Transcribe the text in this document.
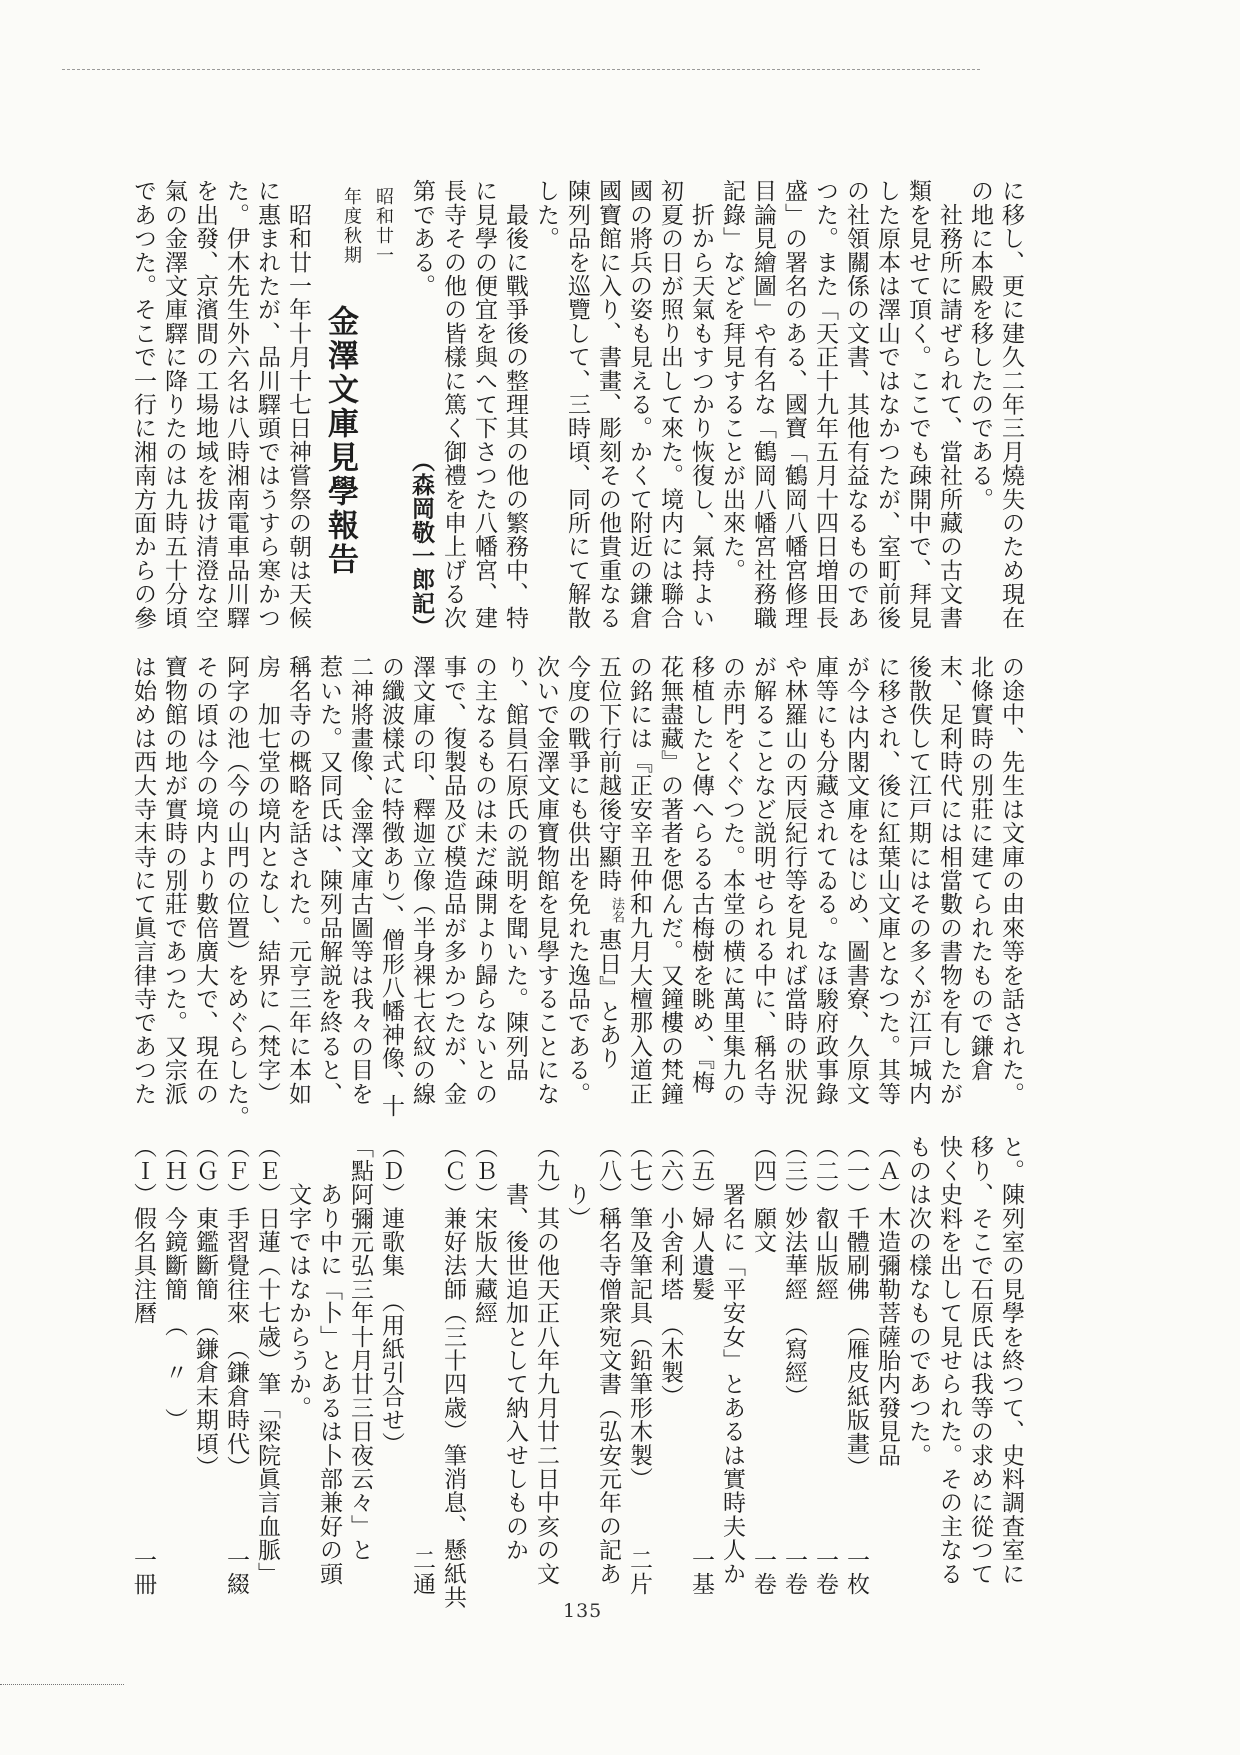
に移し、更に建久二年三月燒失のため現在
の地に本殿を移したのである。
　社務所に請ぜられて、當社所藏の古文書
類を見せて頂く。ここでも疎開中で、拜見
した原本は澤山ではなかつたが、室町前後
の社領關係の文書、其他有益なるものであ
つた。また「天正十九年五月十四日増田長
盛」の署名のある、國寶「鶴岡八幡宮修理
目論見繪圖」や有名な「鶴岡八幡宮社務職
記錄」などを拜見することが出來た。
　折から天氣もすつかり恢復し、氣持よい
初夏の日が照り出して來た。境内には聯合
國の將兵の姿も見える。かくて附近の鎌倉
國寶館に入り、書畫、彫刻その他貴重なる
陳列品を巡覽して、三時頃、同所にて解散
した。
　最後に戰爭後の整理其の他の繁務中、特
に見學の便宜を與へて下さつた八幡宮、建
長寺その他の皆樣に篤く御禮を申上げる次
第である。
（森岡敬一郎記）
昭和廿一
年度秋期
金澤文庫見學報告
　昭和廿一年十月十七日神嘗祭の朝は天候
に惠まれたが、品川驛頭ではうすら寒かつ
た。伊木先生外六名は八時湘南電車品川驛
を出發、京濱間の工場地域を拔け清澄な空
氣の金澤文庫驛に降りたのは九時五十分頃
であつた。そこで一行に湘南方面からの參
の途中、先生は文庫の由來等を話された。
北條實時の別莊に建てられたもので鎌倉
末、足利時代には相當數の書物を有したが
後散佚して江戸期にはその多くが江戸城内
に移され、後に紅葉山文庫となつた。其等
が今は内閣文庫をはじめ、圖書寮、久原文
庫等にも分藏されてゐる。なほ駿府政事錄
や林羅山の丙辰紀行等を見れば當時の狀況
が解ることなど説明せられる中に、稱名寺
の赤門をくぐつた。本堂の横に萬里集九の
移植したと傳へらるる古梅樹を眺め、『梅
花無盡藏』の著者を偲んだ。又鐘樓の梵鐘
の銘には『正安辛丑仲和九月大檀那入道正
五位下行前越後守顯時
法名
惠日』とあり
今度の戰爭にも供出を免れた逸品である。
次いで金澤文庫寶物館を見學することにな
り、館員石原氏の説明を聞いた。陳列品
の主なるものは未だ疎開より歸らないとの
事で、復製品及び模造品が多かつたが、金
澤文庫の印、釋迦立像（半身裸七衣紋の線
の纖波樣式に特徴あり）、僧形八幡神像、十
二神將畫像、金澤文庫古圖等は我々の目を
惹いた。又同氏は、陳列品解説を終ると、
稱名寺の概略を話された。元亨三年に本如
房　加七堂の境内となし、結界に（梵字）
阿字の池（今の山門の位置）をめぐらした。
その頃は今の境内より數倍廣大で、現在の
寶物館の地が實時の別莊であつた。又宗派
は始めは西大寺末寺にて眞言律寺であつた
と。陳列室の見學を終つて、史料調査室に
移り、そこで石原氏は我等の求めに從つて
快く史料を出して見せられた。その主なる
ものは次の樣なものであつた。
（Ａ）木造彌勒菩薩胎内發見品
（一）千體刷佛　（雁皮紙版畫）
一枚
（二）叡山版經
一卷
（三）妙法華經　（寫經）
一卷
（四）願文
一卷
　　署名に「平安女」とあるは實時夫人か
（五）婦人遺髮
一基
（六）小舍利塔　（木製）
（七）筆及筆記具（鉛筆形木製）
二片
（八）稱名寺僧衆宛文書（弘安元年の記あ
　　り）
（九）其の他天正八年九月廿二日中亥の文
　　書、後世追加として納入せしものか
（Ｂ）宋版大藏經
（Ｃ）兼好法師（三十四歳）筆消息、懸紙共
二通
（Ｄ）連歌集　（用紙引合せ）
「點阿彌元弘三年十月廿三日夜云々」と
　　あり中に「卜」とあるは卜部兼好の頭
　　文字ではなからうか。
（Ｅ）日蓮（十七歳）筆「梁院眞言血脈」
（Ｆ）手習覺往來　（鎌倉時代）
一綴
（Ｇ）東鑑斷簡　（鎌倉末期頃）
（Ｈ）今鏡斷簡　（　〃　）
（Ｉ）假名具注曆
一冊
135
